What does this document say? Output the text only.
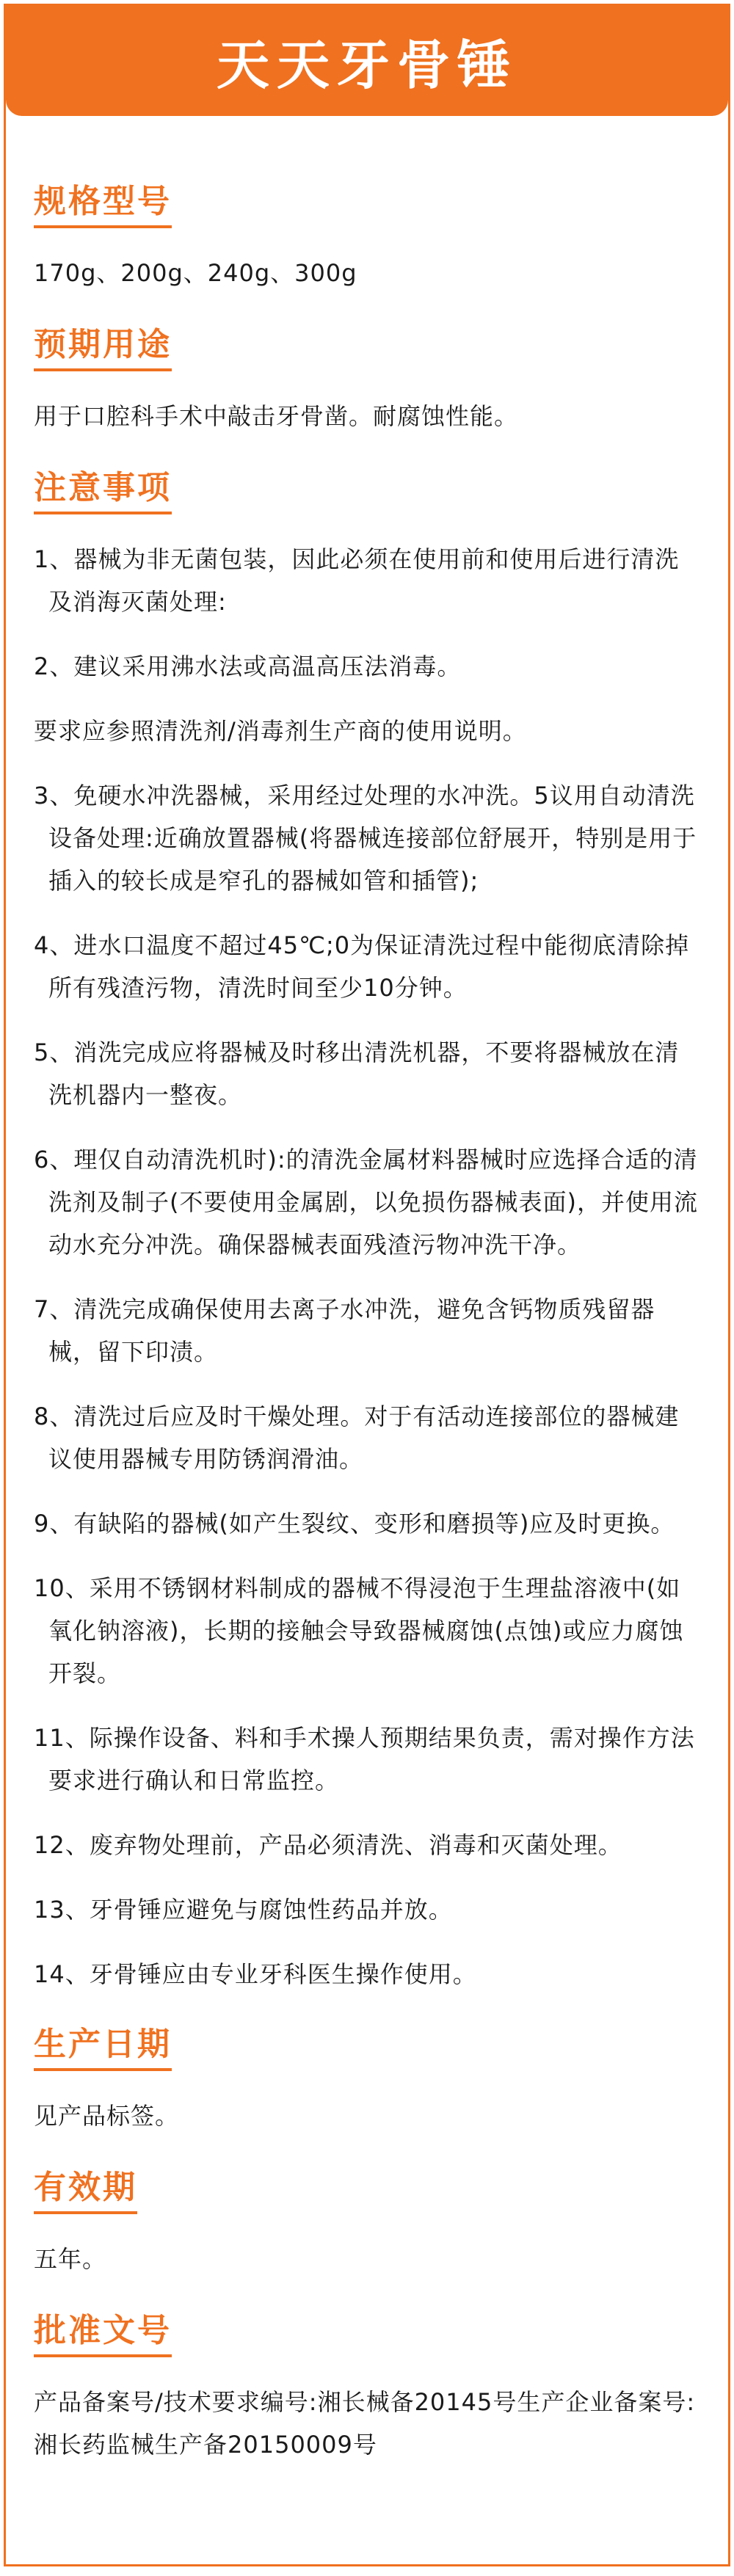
天天牙骨锤
规格型号

170g、200g、240g、300g

预期用途

用于口腔科手术中敲击牙骨凿。耐腐蚀性能。

注意事项

1、器械为非无菌包装，因此必须在使用前和使用后进行清洗及消海灭菌处理:

2、建议采用沸水法或高温高压法消毒。

要求应参照清洗剂/消毒剂生产商的使用说明。

3、免硬水冲洗器械，采用经过处理的水冲洗。5议用自动清洗设备处理:近确放置器械(将器械连接部位舒展开，特别是用于插入的较长成是窄孔的器械如管和插管);

4、进水口温度不超过45℃;0为保证清洗过程中能彻底清除掉所有残渣污物，清洗时间至少10分钟。

5、消洗完成应将器械及时移出清洗机器，不要将器械放在清洗机器内一整夜。

6、理仅自动清洗机时):的清洗金属材料器械时应选择合适的清洗剂及制子(不要使用金属剧，以免损伤器械表面)，并使用流动水充分冲洗。确保器械表面残渣污物冲洗干净。

7、清洗完成确保使用去离子水冲洗，避免含钙物质残留器械，留下印渍。

8、清洗过后应及时干燥处理。对于有活动连接部位的器械建议使用器械专用防锈润滑油。

9、有缺陷的器械(如产生裂纹、变形和磨损等)应及时更换。

10、采用不锈钢材料制成的器械不得浸泡于生理盐溶液中(如氧化钠溶液)，长期的接触会导致器械腐蚀(点蚀)或应力腐蚀开裂。

11、际操作设备、料和手术操人预期结果负责，需对操作方法要求进行确认和日常监控。

12、废弃物处理前，产品必须清洗、消毒和灭菌处理。

13、牙骨锤应避免与腐蚀性药品并放。

14、牙骨锤应由专业牙科医生操作使用。

生产日期

见产品标签。

有效期

五年。

批准文号

产品备案号/技术要求编号:湘长械备20145号生产企业备案号:湘长药监械生产备20150009号
